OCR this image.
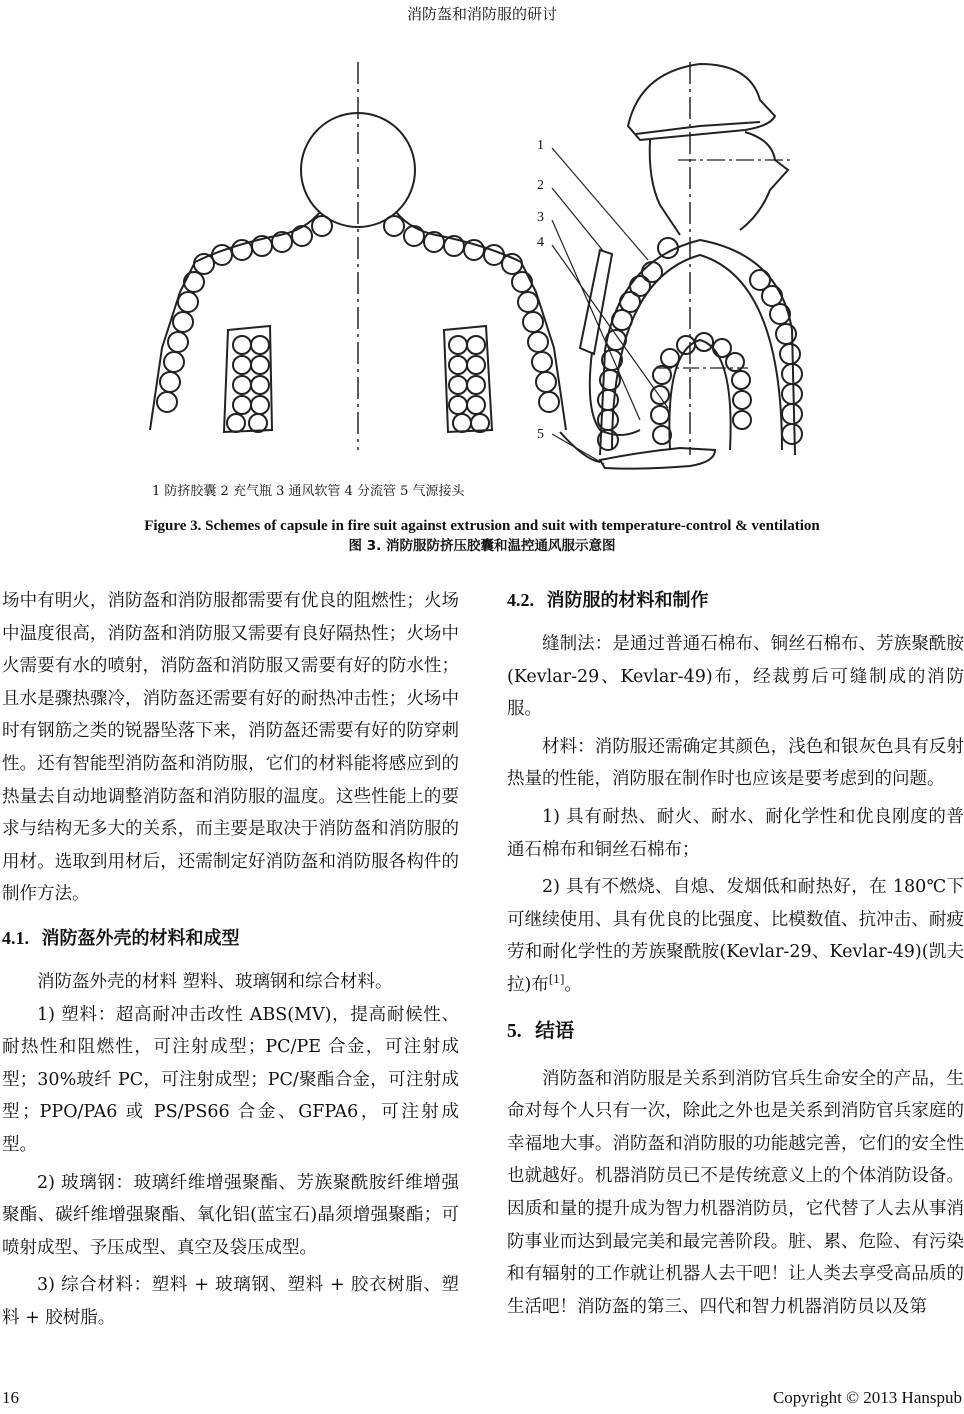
消防盔和消防服的研讨
1
2
3
4
5
1 防挤胶囊 2 充气瓶 3 通风软管 4 分流管 5 气源接头
Figure 3. Schemes of capsule in fire suit against extrusion and suit with temperature-control & ventilation
图 3. 消防服防挤压胶囊和温控通风服示意图

场中有明火，消防盔和消防服都需要有优良的阻燃性；火场中温度很高，消防盔和消防服又需要有良好隔热性；火场中火需要有水的喷射，消防盔和消防服又需要有好的防水性；且水是骤热骤冷，消防盔还需要有好的耐热冲击性；火场中时有钢筋之类的锐器坠落下来，消防盔还需要有好的防穿刺性。还有智能型消防盔和消防服，它们的材料能将感应到的热量去自动地调整消防盔和消防服的温度。这些性能上的要求与结构无多大的关系，而主要是取决于消防盔和消防服的用材。选取到用材后，还需制定好消防盔和消防服各构件的制作方法。

4.1. 消防盔外壳的材料和成型

消防盔外壳的材料 塑料、玻璃钢和综合材料。

1) 塑料：超高耐冲击改性 ABS(MV)，提高耐候性、耐热性和阻燃性，可注射成型；PC/PE 合金，可注射成型；30%玻纤 PC，可注射成型；PC/聚酯合金，可注射成型；PPO/PA6 或 PS/PS66 合金、GFPA6，可注射成型。

2) 玻璃钢：玻璃纤维增强聚酯、芳族聚酰胺纤维增强聚酯、碳纤维增强聚酯、氧化铝(蓝宝石)晶须增强聚酯；可喷射成型、予压成型、真空及袋压成型。

3) 综合材料：塑料 + 玻璃钢、塑料 + 胶衣树脂、塑料 + 胶树脂。

4.2. 消防服的材料和制作

缝制法：是通过普通石棉布、铜丝石棉布、芳族聚酰胺(Kevlar-29、Kevlar-49)布，经裁剪后可缝制成的消防服。

材料：消防服还需确定其颜色，浅色和银灰色具有反射热量的性能，消防服在制作时也应该是要考虑到的问题。

1) 具有耐热、耐火、耐水、耐化学性和优良刚度的普通石棉布和铜丝石棉布；

2) 具有不燃烧、自熄、发烟低和耐热好，在 180℃下可继续使用、具有优良的比强度、比模数值、抗冲击、耐疲劳和耐化学性的芳族聚酰胺(Kevlar-29、Kevlar-49)(凯夫拉)布[1]。

5. 结语

消防盔和消防服是关系到消防官兵生命安全的产品，生命对每个人只有一次，除此之外也是关系到消防官兵家庭的幸福地大事。消防盔和消防服的功能越完善，它们的安全性也就越好。机器消防员已不是传统意义上的个体消防设备。因质和量的提升成为智力机器消防员，它代替了人去从事消防事业而达到最完美和最完善阶段。脏、累、危险、有污染和有辐射的工作就让机器人去干吧！让人类去享受高品质的生活吧！消防盔的第三、四代和智力机器消防员以及第

16	Copyright © 2013 Hanspub
